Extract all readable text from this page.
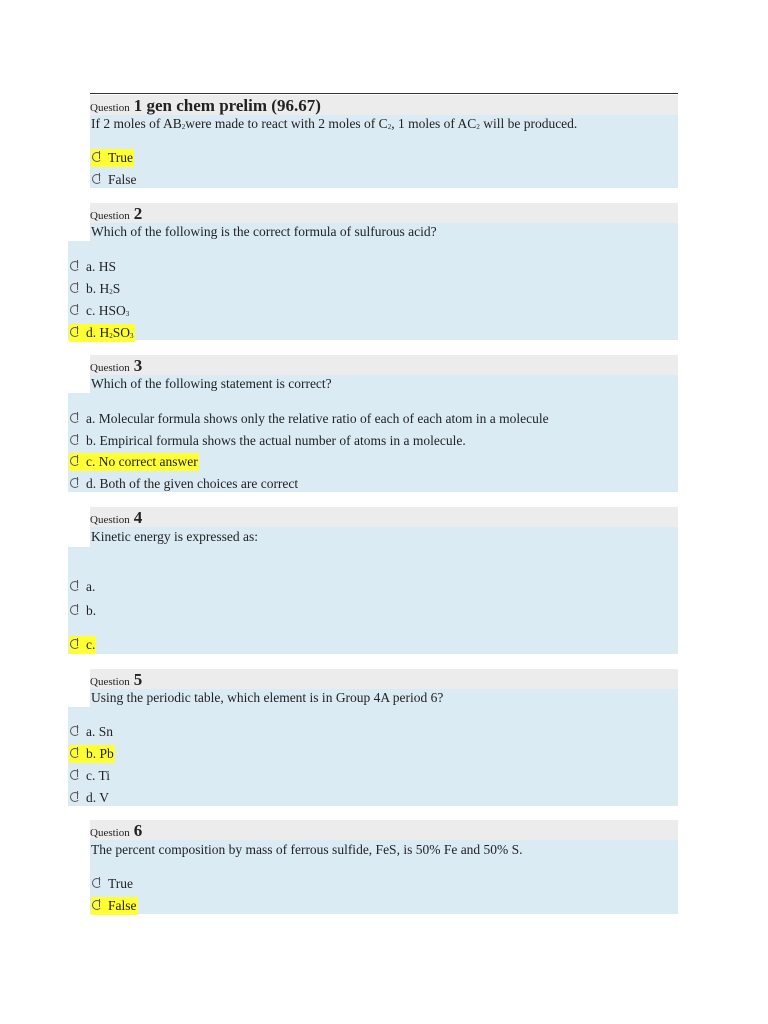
Question 1 gen chem prelim (96.67)
If 2 moles of $AB_2were$ made to react with 2 moles of $C_2$, 1 moles of $AC_2$ will be produced.
True
False
Question 2
Which of the following is the correct formula of sulfurous acid?
a. HS
b. $H_2S$
c. $HSO_3$
d. $H_2SO_3$
Question 3
Which of the following statement is correct?
a. Molecular formula shows only the relative ratio of each of each atom in a molecule
b. Empirical formula shows the actual number of atoms in a molecule.
c. No correct answer
d. Both of the given choices are correct
Question 4
Kinetic energy is expressed as:
a.
b.
c.
Question 5
Using the periodic table, which element is in Group 4A period 6?
a. Sn
b. Pb
c. Ti
d. V
Question 6
The percent composition by mass of ferrous sulfide, FeS, is 50% Fe and 50% S.
True
False
